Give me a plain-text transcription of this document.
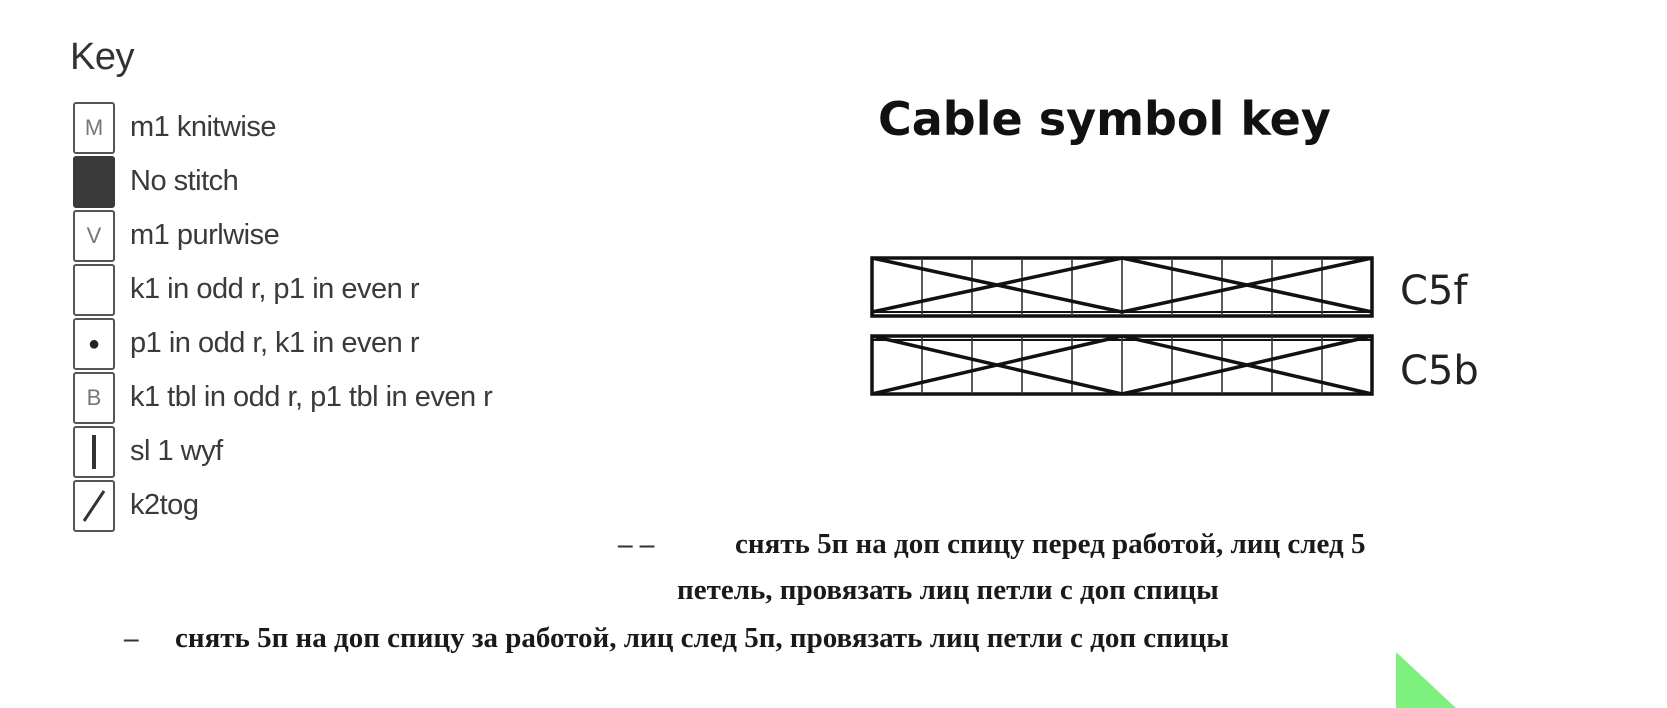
Key
M m1 knitwise
No stitch
V m1 purlwise
k1 in odd r, p1 in even r
●	p1 in odd r, k1 in even r
B k1 tbl in odd r, p1 tbl in even r
sl 1 wyf
k2tog
Cable symbol key
C5f
C5b
– –	снять 5п на доп спицу перед работой, лиц след 5
петель, провязать лиц петли с доп спицы
– снять 5п на доп спицу за работой, лиц след 5п, провязать лиц петли с доп спицы
